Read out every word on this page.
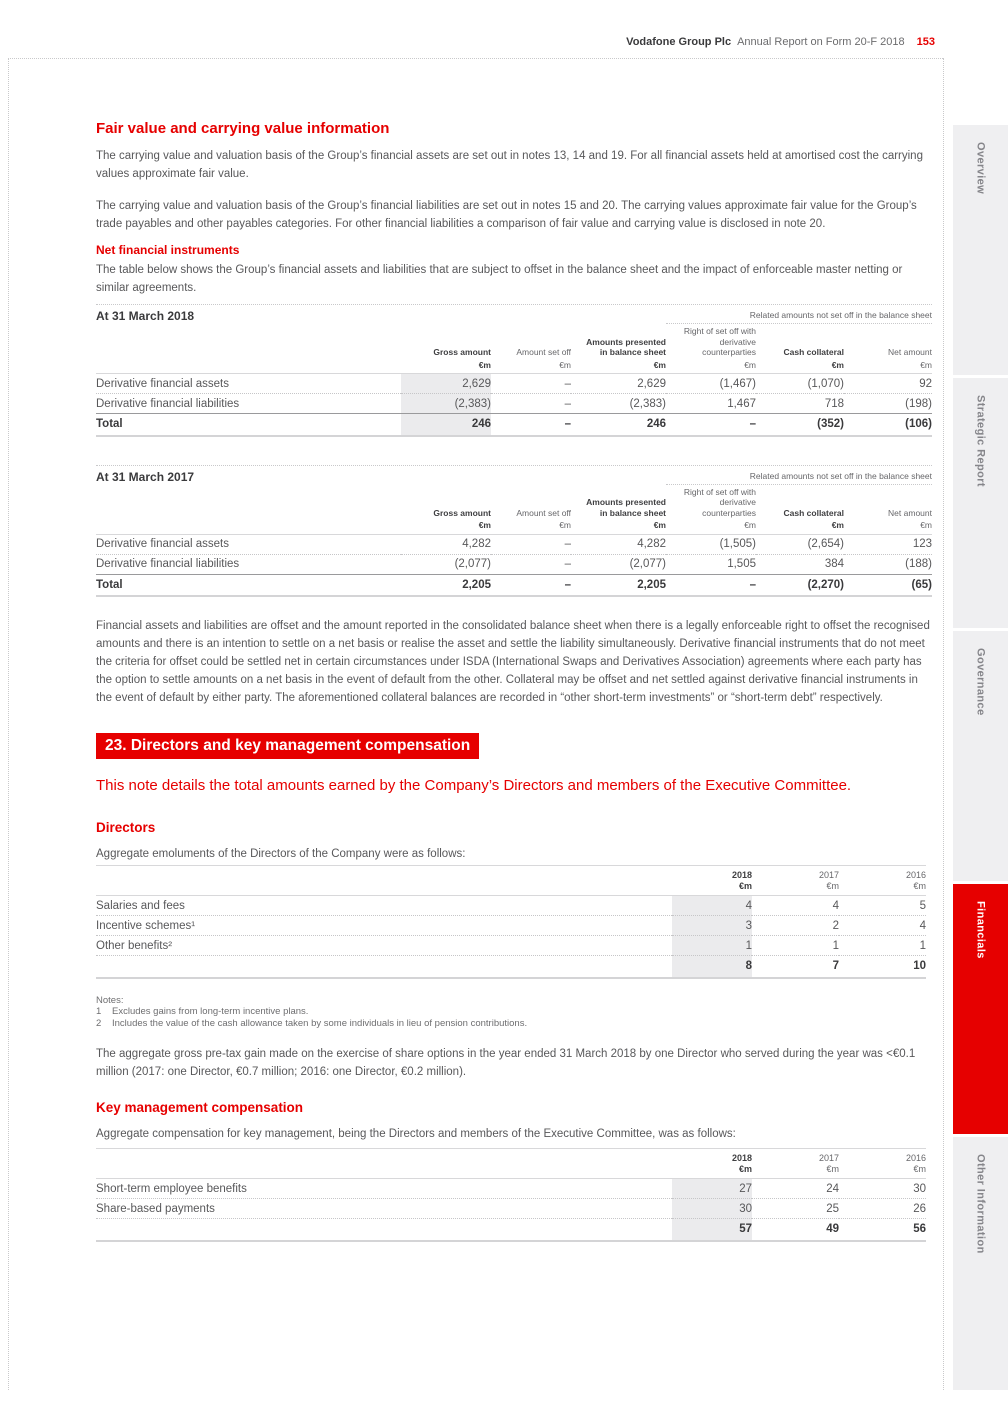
Vodafone Group Plc Annual Report on Form 20-F 2018 153
Overview
Strategic Report
Governance
Financials
Other Information
Fair value and carrying value information

The carrying value and valuation basis of the Group’s financial assets are set out in notes 13, 14 and 19. For all financial assets held at amortised cost the carrying values approximate fair value.

The carrying value and valuation basis of the Group’s financial liabilities are set out in notes 15 and 20. The carrying values approximate fair value for the Group’s trade payables and other payables categories. For other financial liabilities a comparison of fair value and carrying value is disclosed in note 20.

Net financial instruments

The table below shows the Group’s financial assets and liabilities that are subject to offset in the balance sheet and the impact of enforceable master netting or similar agreements.

At 31 March 2018	Related amounts not set off in the balance sheet

Gross amount
€m

Amount set off
€m

Amounts presented in balance sheet
€m

Right of set off with derivative counterparties
€m

Cash collateral
€m

Net amount
€m

Derivative financial assets	2,629	–	2,629	(1,467)	(1,070)	92
Derivative financial liabilities	(2,383)	–	(2,383)	1,467	718	(198)
Total	246	–	246	–	(352)	(106)
At 31 March 2017	Related amounts not set off in the balance sheet

Gross amount
€m

Amount set off
€m

Amounts presented in balance sheet
€m

Right of set off with derivative counterparties
€m

Cash collateral
€m

Net amount
€m

Derivative financial assets	4,282	–	4,282	(1,505)	(2,654)	123
Derivative financial liabilities	(2,077)	–	(2,077)	1,505	384	(188)
Total	2,205	–	2,205	–	(2,270)	(65)

Financial assets and liabilities are offset and the amount reported in the consolidated balance sheet when there is a legally enforceable right to offset the recognised amounts and there is an intention to settle on a net basis or realise the asset and settle the liability simultaneously. Derivative financial instruments that do not meet the criteria for offset could be settled net in certain circumstances under ISDA (International Swaps and Derivatives Association) agreements where each party has the option to settle amounts on a net basis in the event of default from the other. Collateral may be offset and net settled against derivative financial instruments in the event of default by either party. The aforementioned collateral balances are recorded in “other short-term investments” or “short-term debt” respectively.

23. Directors and key management compensation

This note details the total amounts earned by the Company’s Directors and members of the Executive Committee.

Directors

Aggregate emoluments of the Directors of the Company were as follows:

2018
€m

2017
€m

2016
€m

Salaries and fees	4	4	5
Incentive schemes¹	3	2	4
Other benefits²	1	1	1
	8	7	10
Notes:
1	Excludes gains from long-term incentive plans.
2	Includes the value of the cash allowance taken by some individuals in lieu of pension contributions.

The aggregate gross pre-tax gain made on the exercise of share options in the year ended 31 March 2018 by one Director who served during the year was <€0.1 million (2017: one Director, €0.7 million; 2016: one Director, €0.2 million).

Key management compensation

Aggregate compensation for key management, being the Directors and members of the Executive Committee, was as follows:

2018
€m

2017
€m

2016
€m

Short-term employee benefits	27	24	30
Share-based payments	30	25	26
	57	49	56
